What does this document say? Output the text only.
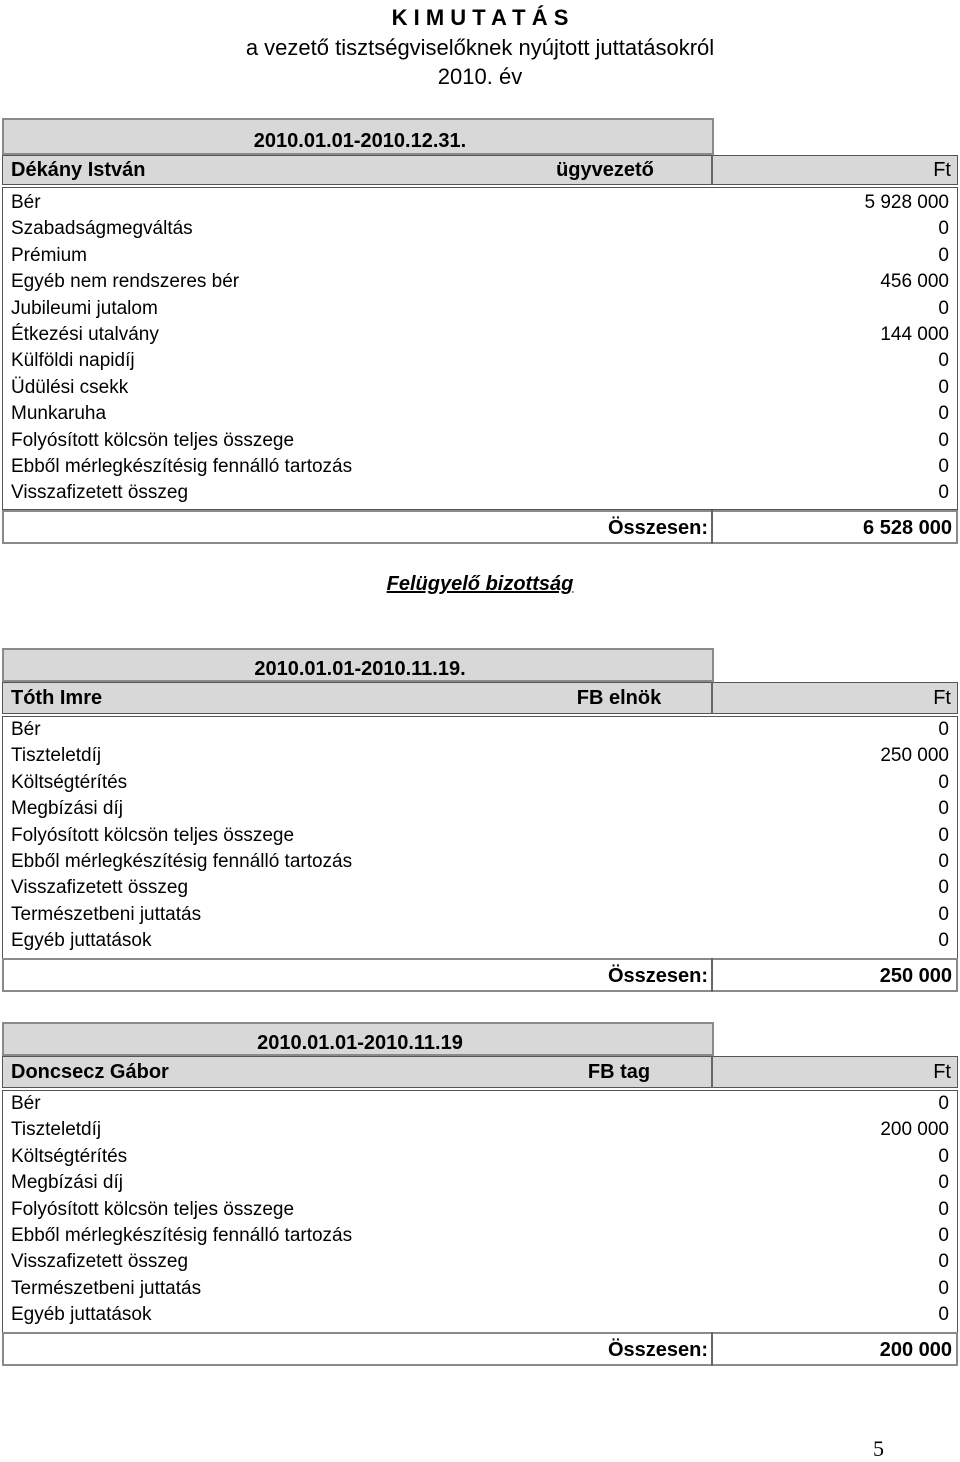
K I M U T A T Á S
a vezető tisztségviselőknek nyújtott juttatásokról
2010. év
2010.01.01-2010.12.31.
Dékány István	ügyvezető	Ft
Bér	5 928 000
Szabadságmegváltás	0
Prémium	0
Egyéb nem rendszeres bér	456 000
Jubileumi jutalom	0
Étkezési utalvány	144 000
Külföldi napidíj	0
Üdülési csekk	0
Munkaruha	0
Folyósított kölcsön teljes összege	0
Ebből mérlegkészítésig fennálló tartozás	0
Visszafizetett összeg	0
Összesen:	6 528 000
Felügyelő bizottság
2010.01.01-2010.11.19.
Tóth Imre	FB elnök	Ft
Bér	0
Tiszteletdíj	250 000
Költségtérítés	0
Megbízási díj	0
Folyósított kölcsön teljes összege	0
Ebből mérlegkészítésig fennálló tartozás	0
Visszafizetett összeg	0
Természetbeni juttatás	0
Egyéb juttatások	0
Összesen:	250 000
2010.01.01-2010.11.19
Doncsecz Gábor	FB tag	Ft
Bér	0
Tiszteletdíj	200 000
Költségtérítés	0
Megbízási díj	0
Folyósított kölcsön teljes összege	0
Ebből mérlegkészítésig fennálló tartozás	0
Visszafizetett összeg	0
Természetbeni juttatás	0
Egyéb juttatások	0
Összesen:	200 000
5
